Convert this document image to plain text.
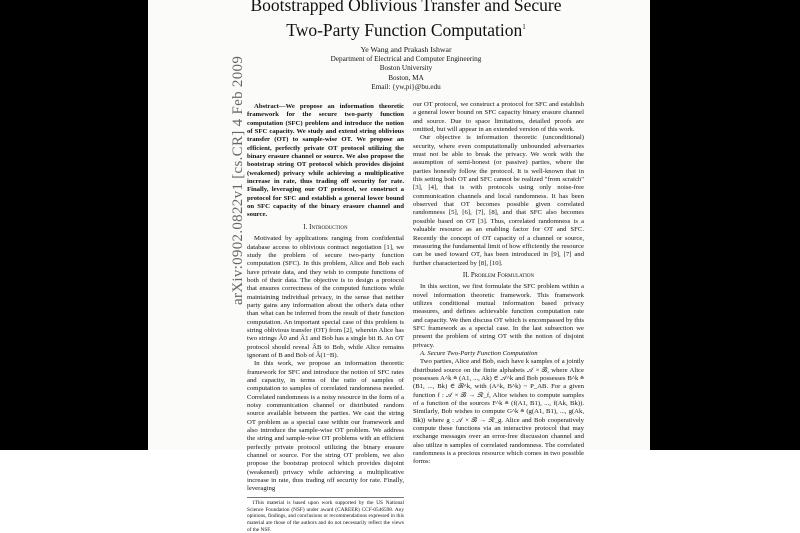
arXiv:0902.0822v1 [cs.CR] 4 Feb 2009
Bootstrapped Oblivious Transfer and Secure
Two-Party Function Computation$^1$
Ye Wang and Prakash Ishwar
Department of Electrical and Computer Engineering
Boston University
Boston, MA
Email: {yw,pi}@bu.edu

Abstract—We propose an information theoretic framework for the secure two-party function computation (SFC) problem and introduce the notion of SFC capacity. We study and extend string oblivious transfer (OT) to sample-wise OT. We propose an efficient, perfectly private OT protocol utilizing the binary erasure channel or source. We also propose the bootstrap string OT protocol which provides disjoint (weakened) privacy while achieving a multiplicative increase in rate, thus trading off security for rate. Finally, leveraging our OT protocol, we construct a protocol for SFC and establish a general lower bound on SFC capacity of the binary erasure channel and source.

I. Introduction

Motivated by applications ranging from confidential database access to oblivious contract negotiation [1], we study the problem of secure two-party function computation (SFC). In this problem, Alice and Bob each have private data, and they wish to compute functions of both of their data. The objective is to design a protocol that ensures correctness of the computed functions while maintaining individual privacy, in the sense that neither party gains any information about the other's data other than what can be inferred from the result of their function computation. An important special case of this problem is string oblivious transfer (OT) from [2], wherein Alice has two strings Â0 and Â1 and Bob has a single bit B. An OT protocol should reveal ÂB to Bob, while Alice remains ignorant of B and Bob of Â(1−B).

In this work, we propose an information theoretic framework for SFC and introduce the notion of SFC rates and capacity, in terms of the ratio of samples of computation to samples of correlated randomness needed. Correlated randomness is a noisy resource in the form of a noisy communication channel or distributed random source available between the parties. We cast the string OT problem as a special case within our framework and also introduce the sample-wise OT problem. We address the string and sample-wise OT problems with an efficient perfectly private protocol utilizing the binary erasure channel or source. For the string OT problem, we also propose the bootstrap protocol which provides disjoint (weakened) privacy while achieving a multiplicative increase in rate, thus trading off security for rate. Finally, leveraging

1This material is based upon work supported by the US National Science Foundation (NSF) under award (CAREER) CCF-0546598. Any opinions, findings, and conclusions or recommendations expressed in this material are those of the authors and do not necessarily reflect the views of the NSF.

our OT protocol, we construct a protocol for SFC and establish a general lower bound on SFC capacity binary erasure channel and source. Due to space limitations, detailed proofs are omitted, but will appear in an extended version of this work.

Our objective is information theoretic (unconditional) security, where even computationally unbounded adversaries must not be able to break the privacy. We work with the assumption of semi-honest (or passive) parties, where the parties honestly follow the protocol. It is well-known that in this setting both OT and SFC cannot be realized "from scratch" [3], [4], that is with protocols using only noise-free communication channels and local randomness. It has been observed that OT becomes possible given correlated randomness [5], [6], [7], [8], and that SFC also becomes possible based on OT [3]. Thus, correlated randomness is a valuable resource as an enabling factor for OT and SFC. Recently the concept of OT capacity of a channel or source, measuring the fundamental limit of how efficiently the resource can be used toward OT, has been introduced in [9], [7] and further characterized by [8], [10].

II. Problem Formulation

In this section, we first formulate the SFC problem within a novel information theoretic framework. This framework utilizes conditional mutual information based privacy measures, and defines achievable function computation rate and capacity. We then discuss OT which is encompassed by this SFC framework as a special case. In the last subsection we present the problem of string OT with the notion of disjoint privacy.

A. Secure Two-Party Function Computation

Two parties, Alice and Bob, each have k samples of a jointly distributed source on the finite alphabets 𝒜 × ℬ, where Alice possesses A^k ≜ (A1, ..., Ak) ∈ 𝒜^k and Bob possesses B^k ≜ (B1, ..., Bk) ∈ ℬ^k, with (A^k, B^k) ~ P_AB. For a given function f : 𝒜 × ℬ → ℛ_f, Alice wishes to compute samples of a function of the sources F^k ≜ (f(A1, B1), ..., f(Ak, Bk)). Similarly, Bob wishes to compute G^k ≜ (g(A1, B1), ..., g(Ak, Bk)) where g : 𝒜 × ℬ → ℛ_g. Alice and Bob cooperatively compute these functions via an interactive protocol that may exchange messages over an error-free discussion channel and also utilize n samples of correlated randomness. The correlated randomness is a precious resource which comes in two possible forms:
